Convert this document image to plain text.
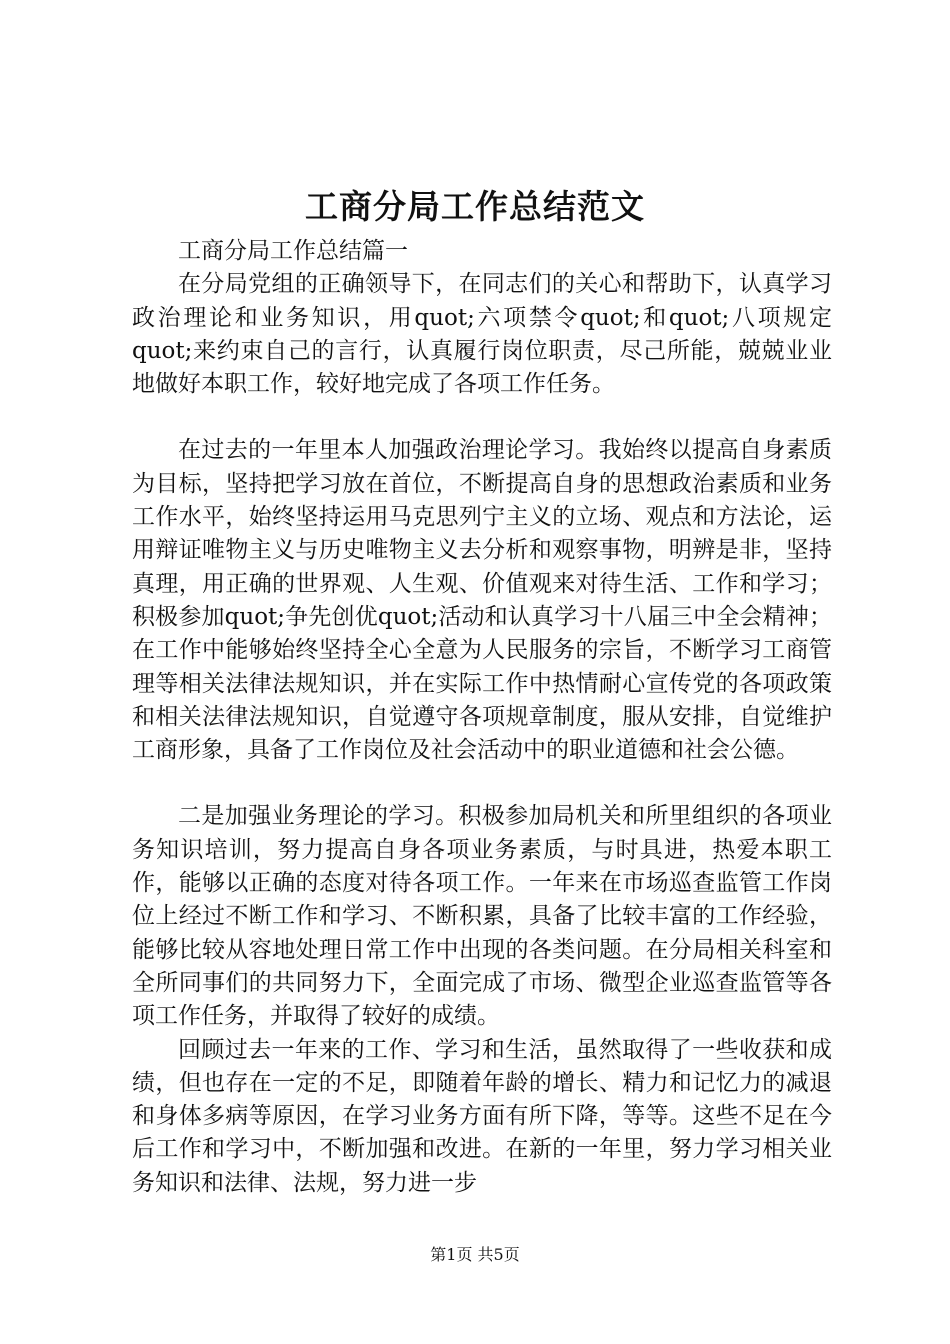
工商分局工作总结范文

工商分局工作总结篇一

在分局党组的正确领导下，在同志们的关心和帮助下，认真学习政治理论和业务知识，用quot;六项禁令quot;和quot;八项规定quot;来约束自己的言行，认真履行岗位职责，尽己所能，兢兢业业地做好本职工作，较好地完成了各项工作任务。

在过去的一年里本人加强政治理论学习。我始终以提高自身素质为目标，坚持把学习放在首位，不断提高自身的思想政治素质和业务工作水平，始终坚持运用马克思列宁主义的立场、观点和方法论，运用辩证唯物主义与历史唯物主义去分析和观察事物，明辨是非，坚持真理，用正确的世界观、人生观、价值观来对待生活、工作和学习；积极参加quot;争先创优quot;活动和认真学习十八届三中全会精神；在工作中能够始终坚持全心全意为人民服务的宗旨，不断学习工商管理等相关法律法规知识，并在实际工作中热情耐心宣传党的各项政策和相关法律法规知识，自觉遵守各项规章制度，服从安排，自觉维护工商形象，具备了工作岗位及社会活动中的职业道德和社会公德。

二是加强业务理论的学习。积极参加局机关和所里组织的各项业务知识培训，努力提高自身各项业务素质，与时具进，热爱本职工作，能够以正确的态度对待各项工作。一年来在市场巡查监管工作岗位上经过不断工作和学习、不断积累，具备了比较丰富的工作经验，能够比较从容地处理日常工作中出现的各类问题。在分局相关科室和全所同事们的共同努力下，全面完成了市场、微型企业巡查监管等各项工作任务，并取得了较好的成绩。

回顾过去一年来的工作、学习和生活，虽然取得了一些收获和成绩，但也存在一定的不足，即随着年龄的增长、精力和记忆力的减退和身体多病等原因，在学习业务方面有所下降，等等。这些不足在今后工作和学习中，不断加强和改进。在新的一年里，努力学习相关业务知识和法律、法规，努力进一步

第1页 共5页
